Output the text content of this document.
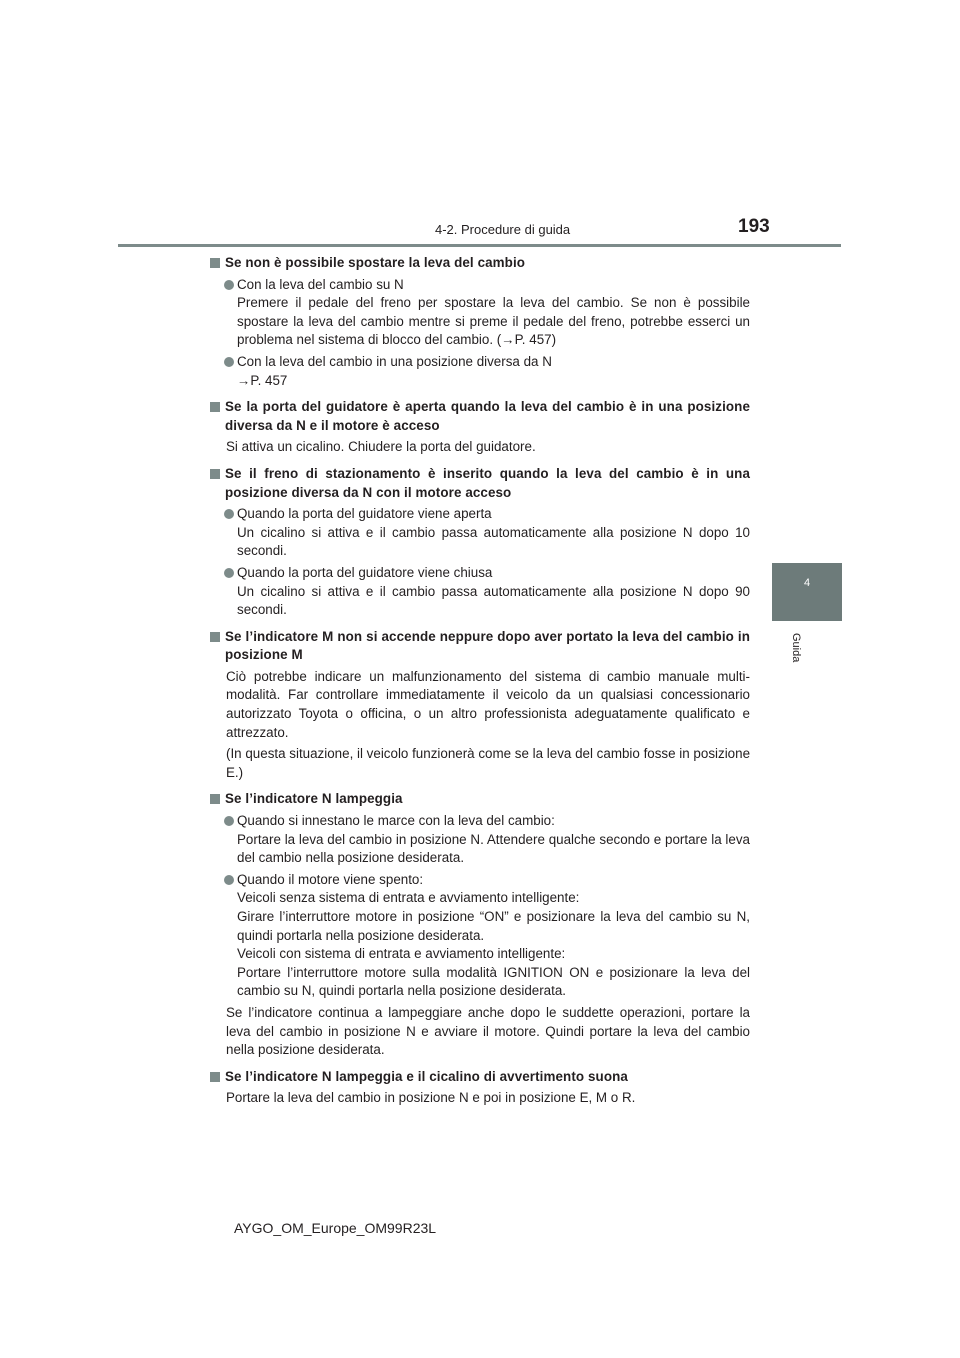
4-2. Procedure di guida	193
4
Guida
Se non è possibile spostare la leva del cambio
Con la leva del cambio su N
Premere il pedale del freno per spostare la leva del cambio. Se non è possibile spostare la leva del cambio mentre si preme il pedale del freno, potrebbe esserci un problema nel sistema di blocco del cambio. (→P. 457)
Con la leva del cambio in una posizione diversa da N
→P. 457
Se la porta del guidatore è aperta quando la leva del cambio è in una posizione diversa da N e il motore è acceso
Si attiva un cicalino. Chiudere la porta del guidatore.
Se il freno di stazionamento è inserito quando la leva del cambio è in una posizione diversa da N con il motore acceso
Quando la porta del guidatore viene aperta
Un cicalino si attiva e il cambio passa automaticamente alla posizione N dopo 10 secondi.
Quando la porta del guidatore viene chiusa
Un cicalino si attiva e il cambio passa automaticamente alla posizione N dopo 90 secondi.
Se l’indicatore M non si accende neppure dopo aver portato la leva del cambio in posizione M
Ciò potrebbe indicare un malfunzionamento del sistema di cambio manuale multi-modalità. Far controllare immediatamente il veicolo da un qualsiasi concessionario autorizzato Toyota o officina, o un altro professionista adeguatamente qualificato e attrezzato.
(In questa situazione, il veicolo funzionerà come se la leva del cambio fosse in posizione E.)
Se l’indicatore N lampeggia
Quando si innestano le marce con la leva del cambio:
Portare la leva del cambio in posizione N. Attendere qualche secondo e portare la leva del cambio nella posizione desiderata.
Quando il motore viene spento:
Veicoli senza sistema di entrata e avviamento intelligente:
Girare l’interruttore motore in posizione “ON” e posizionare la leva del cambio su N, quindi portarla nella posizione desiderata.
Veicoli con sistema di entrata e avviamento intelligente:
Portare l’interruttore motore sulla modalità IGNITION ON e posizionare la leva del cambio su N, quindi portarla nella posizione desiderata.
Se l’indicatore continua a lampeggiare anche dopo le suddette operazioni, portare la leva del cambio in posizione N e avviare il motore. Quindi portare la leva del cambio nella posizione desiderata.
Se l’indicatore N lampeggia e il cicalino di avvertimento suona
Portare la leva del cambio in posizione N e poi in posizione E, M o R.
AYGO_OM_Europe_OM99R23L
